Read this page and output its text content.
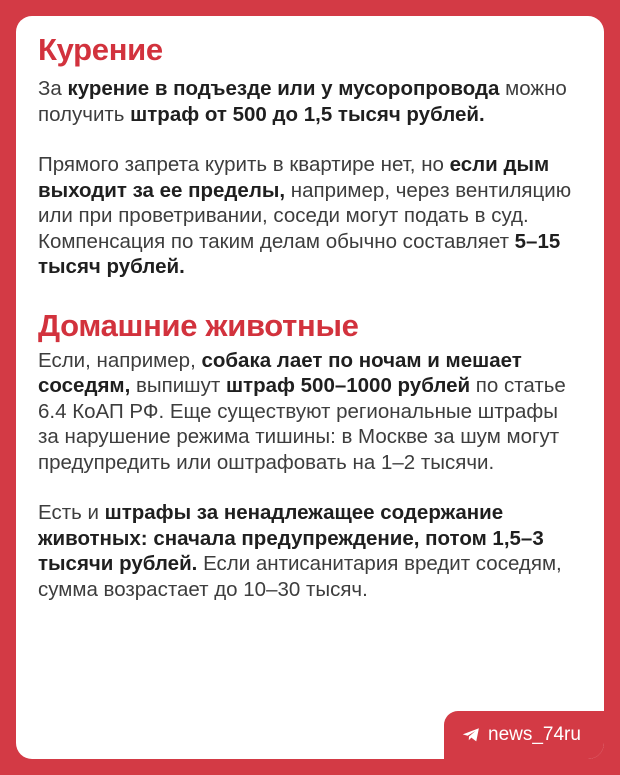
Курение

За курение в подъезде или у мусоропровода можно получить штраф от 500 до 1,5 тысяч рублей.

Прямого запрета курить в квартире нет, но если дым выходит за ее пределы, например, через вентиляцию или при проветривании, соседи могут подать в суд. Компенсация по таким делам обычно составляет 5–15 тысяч рублей.

Домашние животные

Если, например, собака лает по ночам и мешает соседям, выпишут штраф 500–1000 рублей по статье 6.4 КоАП РФ. Еще существуют региональные штрафы за нарушение режима тишины: в Москве за шум могут предупредить или оштрафовать на 1–2 тысячи.

Есть и штрафы за ненадлежащее содержание животных: сначала предупреждение, потом 1,5–3 тысячи рублей. Если антисанитария вредит соседям, сумма возрастает до 10–30 тысяч.

news_74ru
